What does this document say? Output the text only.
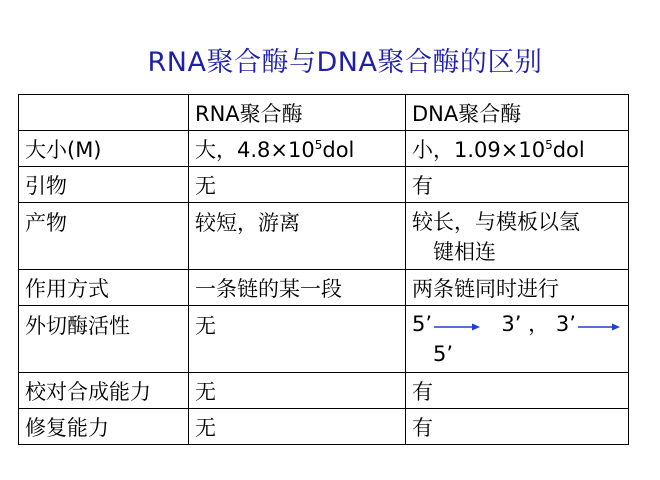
RNA聚合酶与DNA聚合酶的区别
	RNA聚合酶	DNA聚合酶
大小(M)	大，$4.8\times 10^5dol$	小，$1.09\times 10^5dol$
引物	无	有
产物	较短，游离	较长，与模板以氢
键相连

作用方式	一条链的某一段	两条链同时进行
外切酶活性	无	5’ 3’ ， 3’
5’

校对合成能力	无	有
修复能力	无	有
